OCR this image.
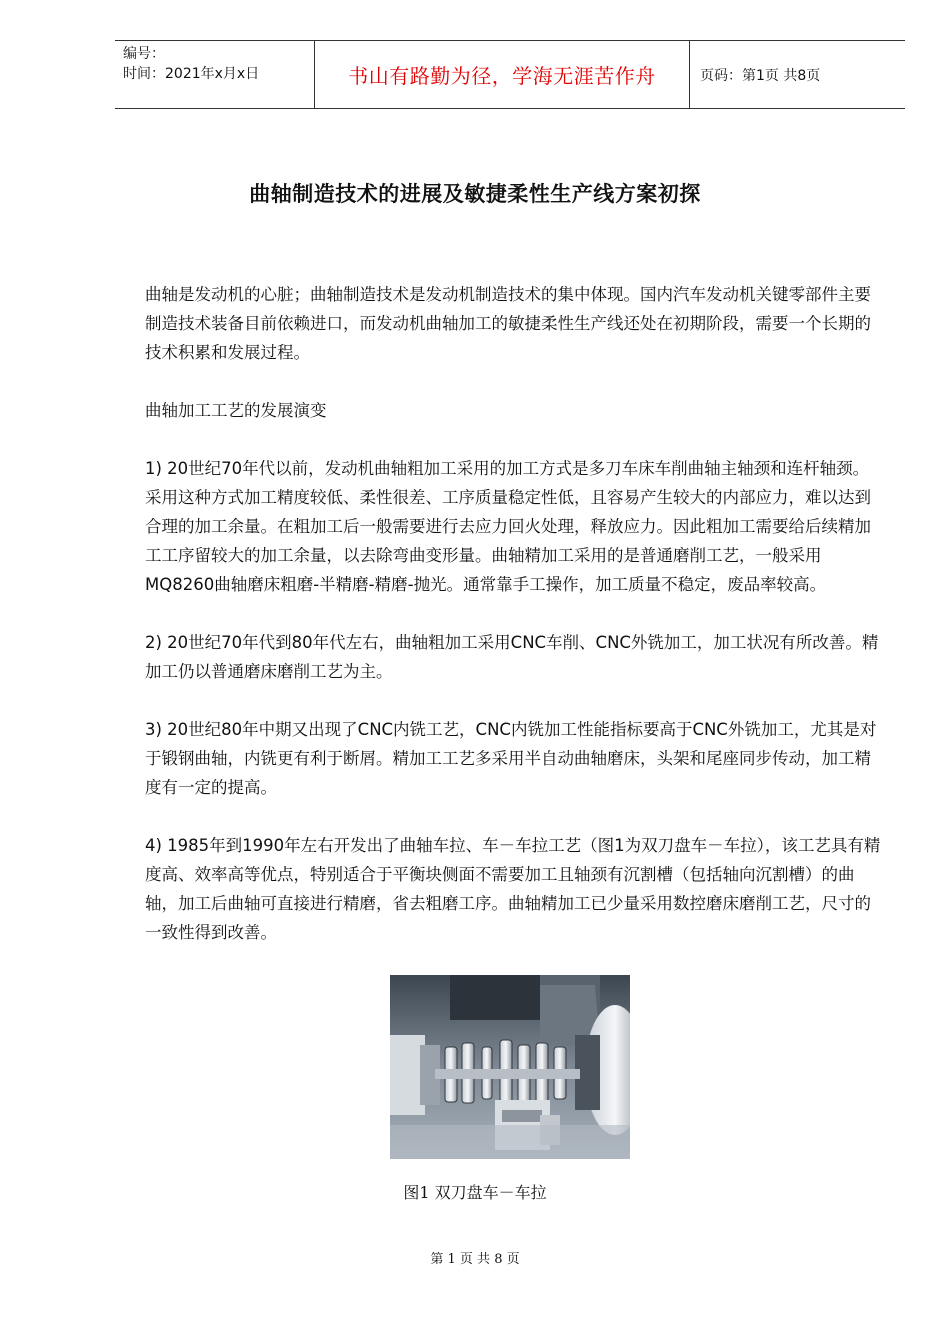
编号：
时间：2021年x月x日	书山有路勤为径，学海无涯苦作舟	页码：第1页 共8页
曲轴制造技术的进展及敏捷柔性生产线方案初探

曲轴是发动机的心脏；曲轴制造技术是发动机制造技术的集中体现。国内汽车发动机关键零部件主要制造技术装备目前依赖进口，而发动机曲轴加工的敏捷柔性生产线还处在初期阶段，需要一个长期的技术积累和发展过程。

曲轴加工工艺的发展演变

1) 20世纪70年代以前，发动机曲轴粗加工采用的加工方式是多刀车床车削曲轴主轴颈和连杆轴颈。采用这种方式加工精度较低、柔性很差、工序质量稳定性低，且容易产生较大的内部应力，难以达到合理的加工余量。在粗加工后一般需要进行去应力回火处理，释放应力。因此粗加工需要给后续精加工工序留较大的加工余量，以去除弯曲变形量。曲轴精加工采用的是普通磨削工艺，一般采用MQ8260曲轴磨床粗磨-半精磨-精磨-抛光。通常靠手工操作，加工质量不稳定，废品率较高。

2) 20世纪70年代到80年代左右，曲轴粗加工采用CNC车削、CNC外铣加工，加工状况有所改善。精加工仍以普通磨床磨削工艺为主。

3) 20世纪80年中期又出现了CNC内铣工艺，CNC内铣加工性能指标要高于CNC外铣加工，尤其是对于锻钢曲轴，内铣更有利于断屑。精加工工艺多采用半自动曲轴磨床，头架和尾座同步传动，加工精度有一定的提高。

4) 1985年到1990年左右开发出了曲轴车拉、车－车拉工艺（图1为双刀盘车－车拉），该工艺具有精度高、效率高等优点，特别适合于平衡块侧面不需要加工且轴颈有沉割槽（包括轴向沉割槽）的曲轴，加工后曲轴可直接进行精磨，省去粗磨工序。曲轴精加工已少量采用数控磨床磨削工艺，尺寸的一致性得到改善。

图1 双刀盘车－车拉
第 1 页 共 8 页
